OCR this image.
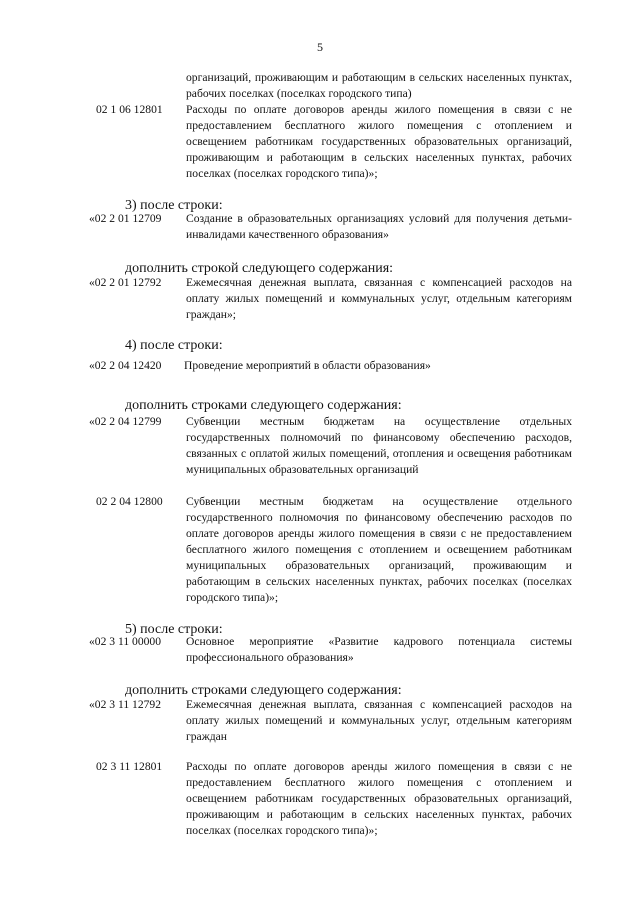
5
организаций, проживающим и работающим в сельских населенных пунктах, рабочих поселках (поселках городского типа)
02 1 06 12801 Расходы по оплате договоров аренды жилого помещения в связи с не предоставлением бесплатного жилого помещения с отоплением и освещением работникам государственных образовательных организаций, проживающим и работающим в сельских населенных пунктах, рабочих поселках (поселках городского типа)»;
3) после строки:
«02 2 01 12709 Создание в образовательных организациях условий для получения детьми-инвалидами качественного образования»
дополнить строкой следующего содержания:
«02 2 01 12792 Ежемесячная денежная выплата, связанная с компенсацией расходов на оплату жилых помещений и коммунальных услуг, отдельным категориям граждан»;
4) после строки:
«02 2 04 12420 Проведение мероприятий в области образования»
дополнить строками следующего содержания:
«02 2 04 12799 Субвенции местным бюджетам на осуществление отдельных государственных полномочий по финансовому обеспечению расходов, связанных с оплатой жилых помещений, отопления и освещения работникам муниципальных образовательных организаций
02 2 04 12800 Субвенции местным бюджетам на осуществление отдельного государственного полномочия по финансовому обеспечению расходов по оплате договоров аренды жилого помещения в связи с не предоставлением бесплатного жилого помещения с отоплением и освещением работникам муниципальных образовательных организаций, проживающим и работающим в сельских населенных пунктах, рабочих поселках (поселках городского типа)»;
5) после строки:
«02 3 11 00000 Основное мероприятие «Развитие кадрового потенциала системы профессионального образования»
дополнить строками следующего содержания:
«02 3 11 12792 Ежемесячная денежная выплата, связанная с компенсацией расходов на оплату жилых помещений и коммунальных услуг, отдельным категориям граждан
02 3 11 12801 Расходы по оплате договоров аренды жилого помещения в связи с не предоставлением бесплатного жилого помещения с отоплением и освещением работникам государственных образовательных организаций, проживающим и работающим в сельских населенных пунктах, рабочих поселках (поселках городского типа)»;
